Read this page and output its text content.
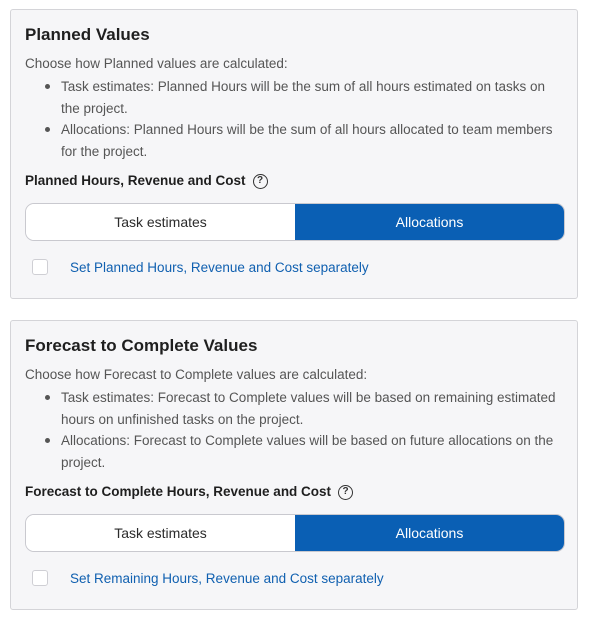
Planned Values
Choose how Planned values are calculated:
Task estimates: Planned Hours will be the sum of all hours estimated on tasks on the project.
Allocations: Planned Hours will be the sum of all hours allocated to team members for the project.
Planned Hours, Revenue and Cost	?
Task estimates	Allocations
Set Planned Hours, Revenue and Cost separately
Forecast to Complete Values
Choose how Forecast to Complete values are calculated:
Task estimates: Forecast to Complete values will be based on remaining estimated hours on unfinished tasks on the project.
Allocations: Forecast to Complete values will be based on future allocations on the project.
Forecast to Complete Hours, Revenue and Cost	?
Task estimates	Allocations
Set Remaining Hours, Revenue and Cost separately
